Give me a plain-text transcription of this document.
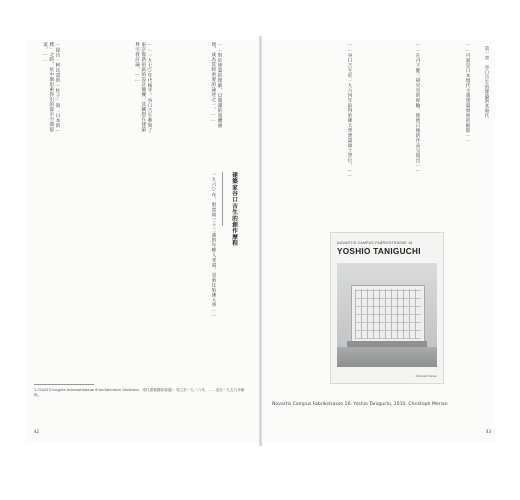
…提出「柯比意的…柱子」與「日本的…樸」之時，於中期思索得出的都市空間提案。……	……一九七○年代後半，谷口吉生參與了東京都新宿區的設計競賽，其構想在建築界引發討論。……	……對於建築的理解，以簡潔的量體處理，成為當時重要的論述之一。……
建築家谷口吉生的創作歷程
一九六○年，對當時三十二歲的年輕人來說，是前往哈佛大學……
2 CIAM (Congrès Internationaux d'Architecture Moderne，現代建築國際會議)：成立於一九二八年，……並於一九五九年解散。
42
……谷口吉生於一九六四年取得哈佛大學建築碩士學位，……	……在丹下健三研究室的經驗，使他日後的作品呈現出……	……可說是日本現代主義建築發展的縮影……	第一章　谷口吉生的建築與其時代
NOVARTIS CAMPUS FABRIKSTRASSE 16
YOSHIO TANIGUCHI
Christoph Merian
Novartis Campus Fabrikstrasse 16: Yoshio Taniguchi, 2010, Christoph Merian
43
